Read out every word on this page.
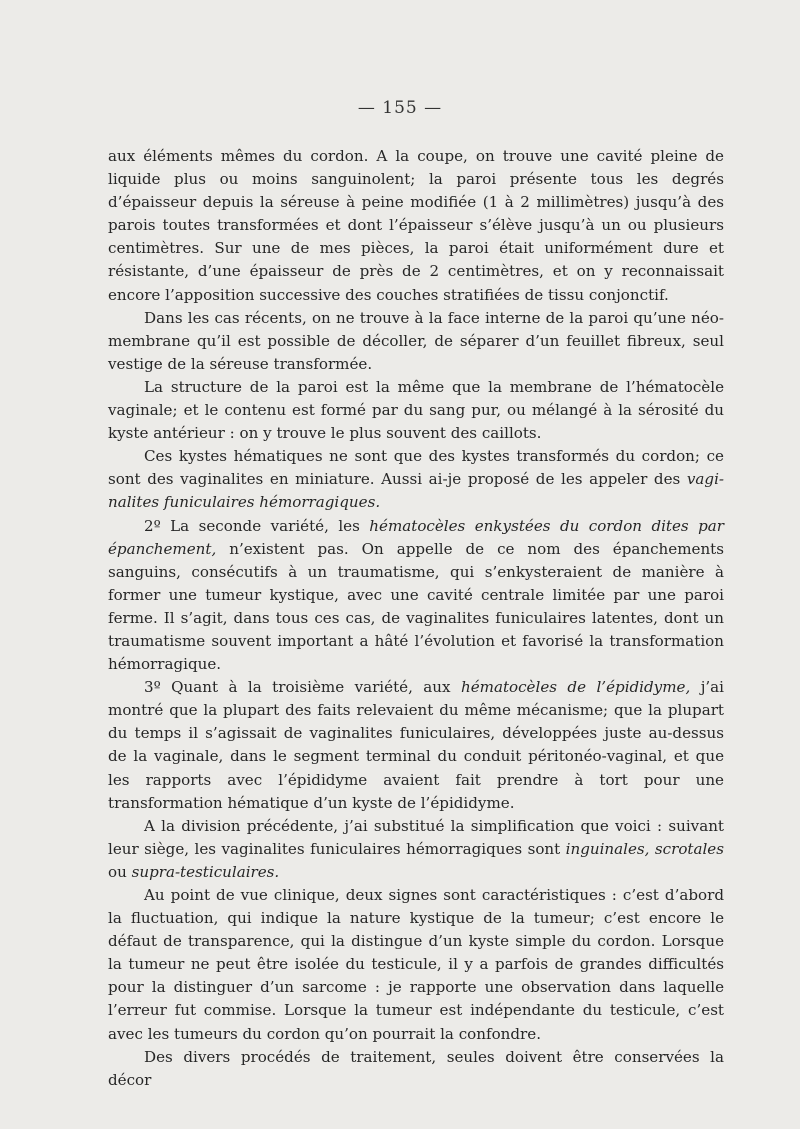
— 155 —

aux éléments mêmes du cordon. A la coupe, on trouve une cavité pleine de liquide plus ou moins sanguinolent; la paroi présente tous les degrés d’épaisseur depuis la séreuse à peine modifiée (1 à 2 millimètres) jusqu’à des parois toutes transformées et dont l’épaisseur s’élève jusqu’à un ou plusieurs centimètres. Sur une de mes pièces, la paroi était uniformément dure et résistante, d’une épaisseur de près de 2 centimètres, et on y reconnaissait encore l’apposition successive des couches stratifiées de tissu conjonctif.

Dans les cas récents, on ne trouve à la face interne de la paroi qu’une néo-membrane qu’il est possible de décoller, de séparer d’un feuillet fibreux, seul vestige de la séreuse transformée.

La structure de la paroi est la même que la membrane de l’hématocèle vaginale; et le contenu est formé par du sang pur, ou mélangé à la sérosité du kyste antérieur : on y trouve le plus souvent des caillots.

Ces kystes hématiques ne sont que des kystes transformés du cordon; ce sont des vaginalites en miniature. Aussi ai-je proposé de les appeler des vaginalites funiculaires hémorragiques.

2º La seconde variété, les hématocèles enkystées du cordon dites par épanchement, n’existent pas. On appelle de ce nom des épanchements sanguins, consécutifs à un traumatisme, qui s’enkysteraient de manière à former une tumeur kystique, avec une cavité centrale limitée par une paroi ferme. Il s’agit, dans tous ces cas, de vaginalites funiculaires latentes, dont un traumatisme souvent important a hâté l’évolution et favorisé la transformation hémorragique.

3º Quant à la troisième variété, aux hématocèles de l’épididyme, j’ai montré que la plupart des faits relevaient du même mécanisme; que la plupart du temps il s’agissait de vaginalites funiculaires, développées juste au-dessus de la vaginale, dans le segment terminal du conduit péritonéo-vaginal, et que les rapports avec l’épididyme avaient fait prendre à tort pour une transformation hématique d’un kyste de l’épididyme.

A la division précédente, j’ai substitué la simplification que voici : suivant leur siège, les vaginalites funiculaires hémorragiques sont inguinales, scrotales ou supra-testiculaires.

Au point de vue clinique, deux signes sont caractéristiques : c’est d’abord la fluctuation, qui indique la nature kystique de la tumeur; c’est encore le défaut de transparence, qui la distingue d’un kyste simple du cordon. Lorsque la tumeur ne peut être isolée du testicule, il y a parfois de grandes difficultés pour la distinguer d’un sarcome : je rapporte une observation dans laquelle l’erreur fut commise. Lorsque la tumeur est indépendante du testicule, c’est avec les tumeurs du cordon qu’on pourrait la confondre.

Des divers procédés de traitement, seules doivent être conservées la décor
